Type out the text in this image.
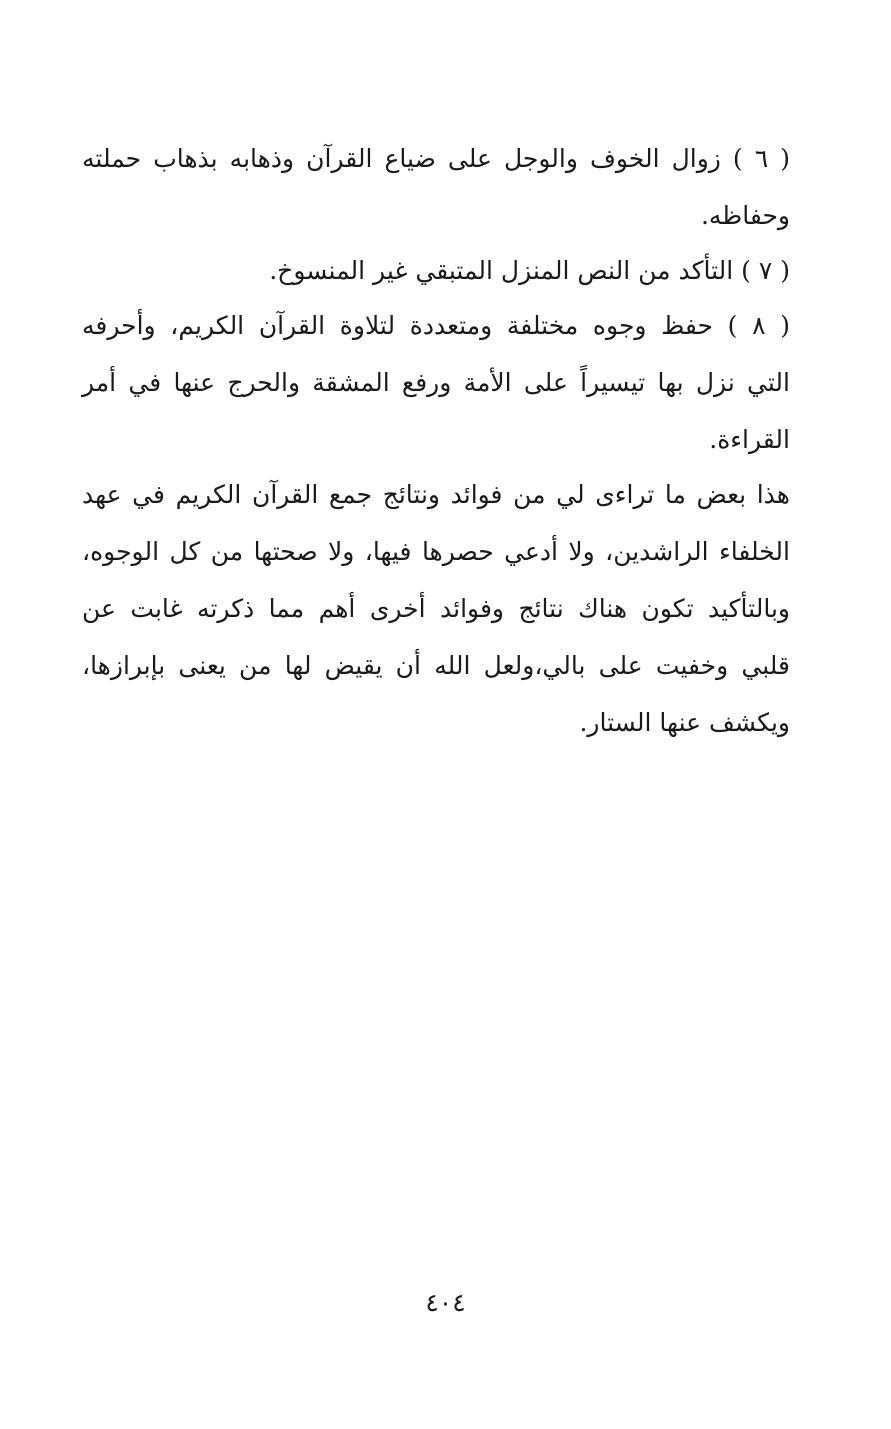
( ٦ ) زوال الخوف والوجل على ضياع القرآن وذهابه بذهاب حملته
وحفاظه.
( ٧ ) التأكد من النص المنزل المتبقي غير المنسوخ.
( ٨ ) حفظ وجوه مختلفة ومتعددة لتلاوة القرآن الكريم، وأحرفه
التي نزل بها تيسيراً على الأمة ورفع المشقة والحرج عنها في أمر
القراءة.
هذا بعض ما تراءى لي من فوائد ونتائج جمع القرآن الكريم في عهد
الخلفاء الراشدين، ولا أدعي حصرها فيها، ولا صحتها من كل الوجوه،
وبالتأكيد تكون هناك نتائج وفوائد أخرى أهم مما ذكرته غابت عن
قلبي وخفيت على بالي،ولعل الله أن يقيض لها من يعنى بإبرازها،
ويكشف عنها الستار.
٤٠٤
